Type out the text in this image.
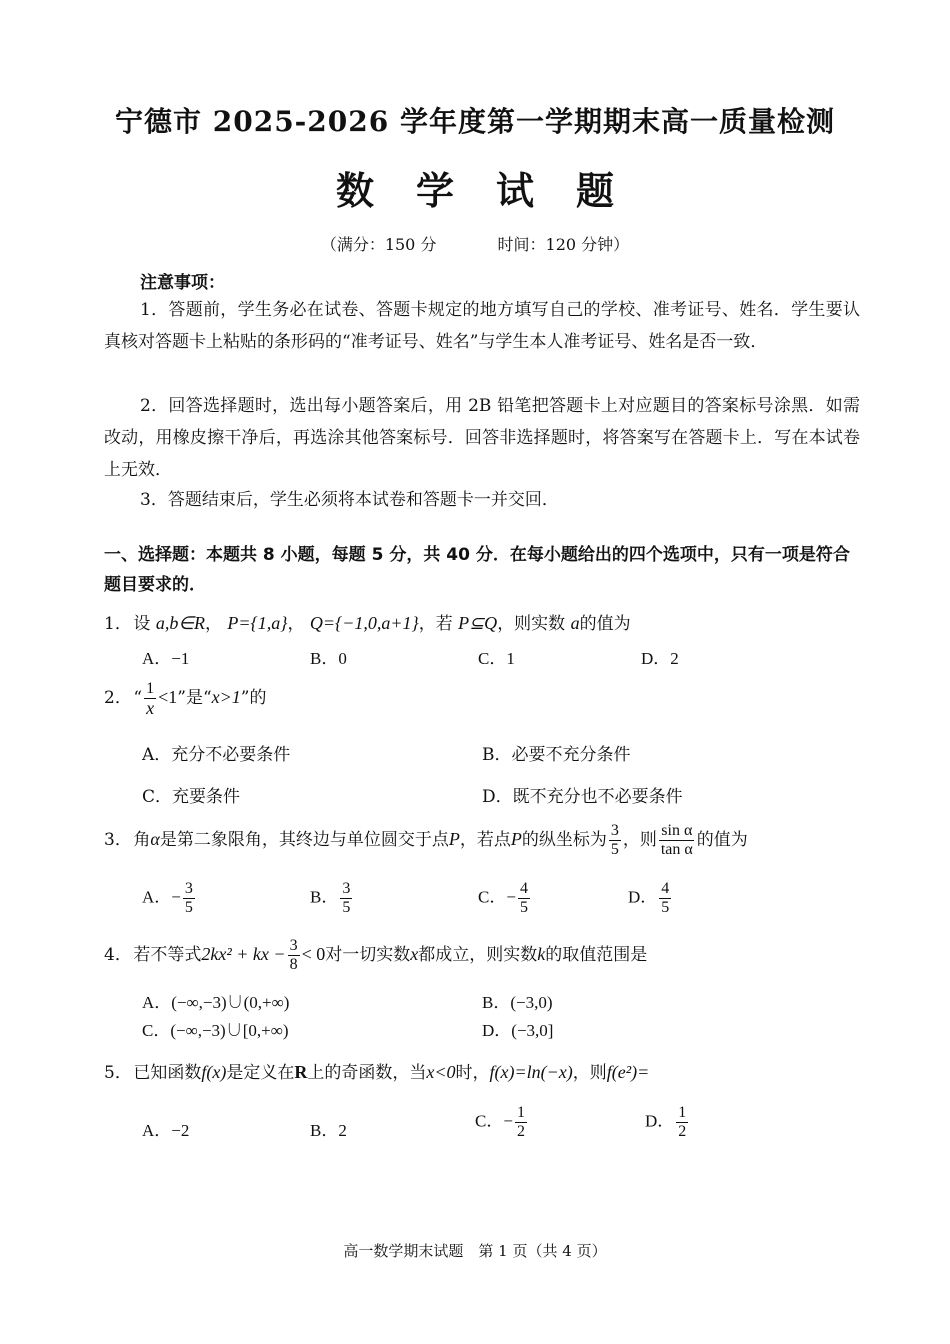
宁德市 2025-2026 学年度第一学期期末高一质量检测
数学试题
（满分：150 分	时间：120 分钟）
注意事项：
1．答题前，学生务必在试卷、答题卡规定的地方填写自己的学校、准考证号、姓名．学生要认真核对答题卡上粘贴的条形码的“准考证号、姓名”与学生本人准考证号、姓名是否一致．
2．回答选择题时，选出每小题答案后，用 2B 铅笔把答题卡上对应题目的答案标号涂黑．如需改动，用橡皮擦干净后，再选涂其他答案标号．回答非选择题时，将答案写在答题卡上．写在本试卷上无效．
3．答题结束后，学生必须将本试卷和答题卡一并交回．
一、选择题：本题共 8 小题，每题 5 分，共 40 分．在每小题给出的四个选项中，只有一项是符合题目要求的．
1． 设 a,b∈R， P={1,a}， Q={−1,0,a+1}，若 P⊆Q，则实数 a的值为
A．−1	B．0	C．1	D．2
2． “ $\frac{1}{x} <1$”是“x>1”的
A．充分不必要条件	B．必要不充分条件
C．充要条件	D．既不充分也不必要条件
3． 角α是第二象限角，其终边与单位圆交于点P，若点P的纵坐标为 $\frac{3}{5}$ ，则 $\frac{\text{sin α}}{\text{tan α}}$ 的值为
A．− $\frac{3}{5}$	B． $\frac{3}{5}$	C．− $\frac{4}{5}$	D． $\frac{4}{5}$
4． 若不等式2kx² + kx − $\frac{3}{8} < 0$对一切实数x都成立，则实数k的取值范围是
A．(−∞,−3)∪(0,+∞)	B．(−3,0)
C．(−∞,−3)∪[0,+∞)	D．(−3,0]
5． 已知函数f(x)是定义在R上的奇函数，当x<0时，f(x)=ln(−x)，则f(e²)=
A．−2	B．2
C．− $\frac{1}{2}$	D． $\frac{1}{2}$
高一数学期末试题　第 1 页（共 4 页）
